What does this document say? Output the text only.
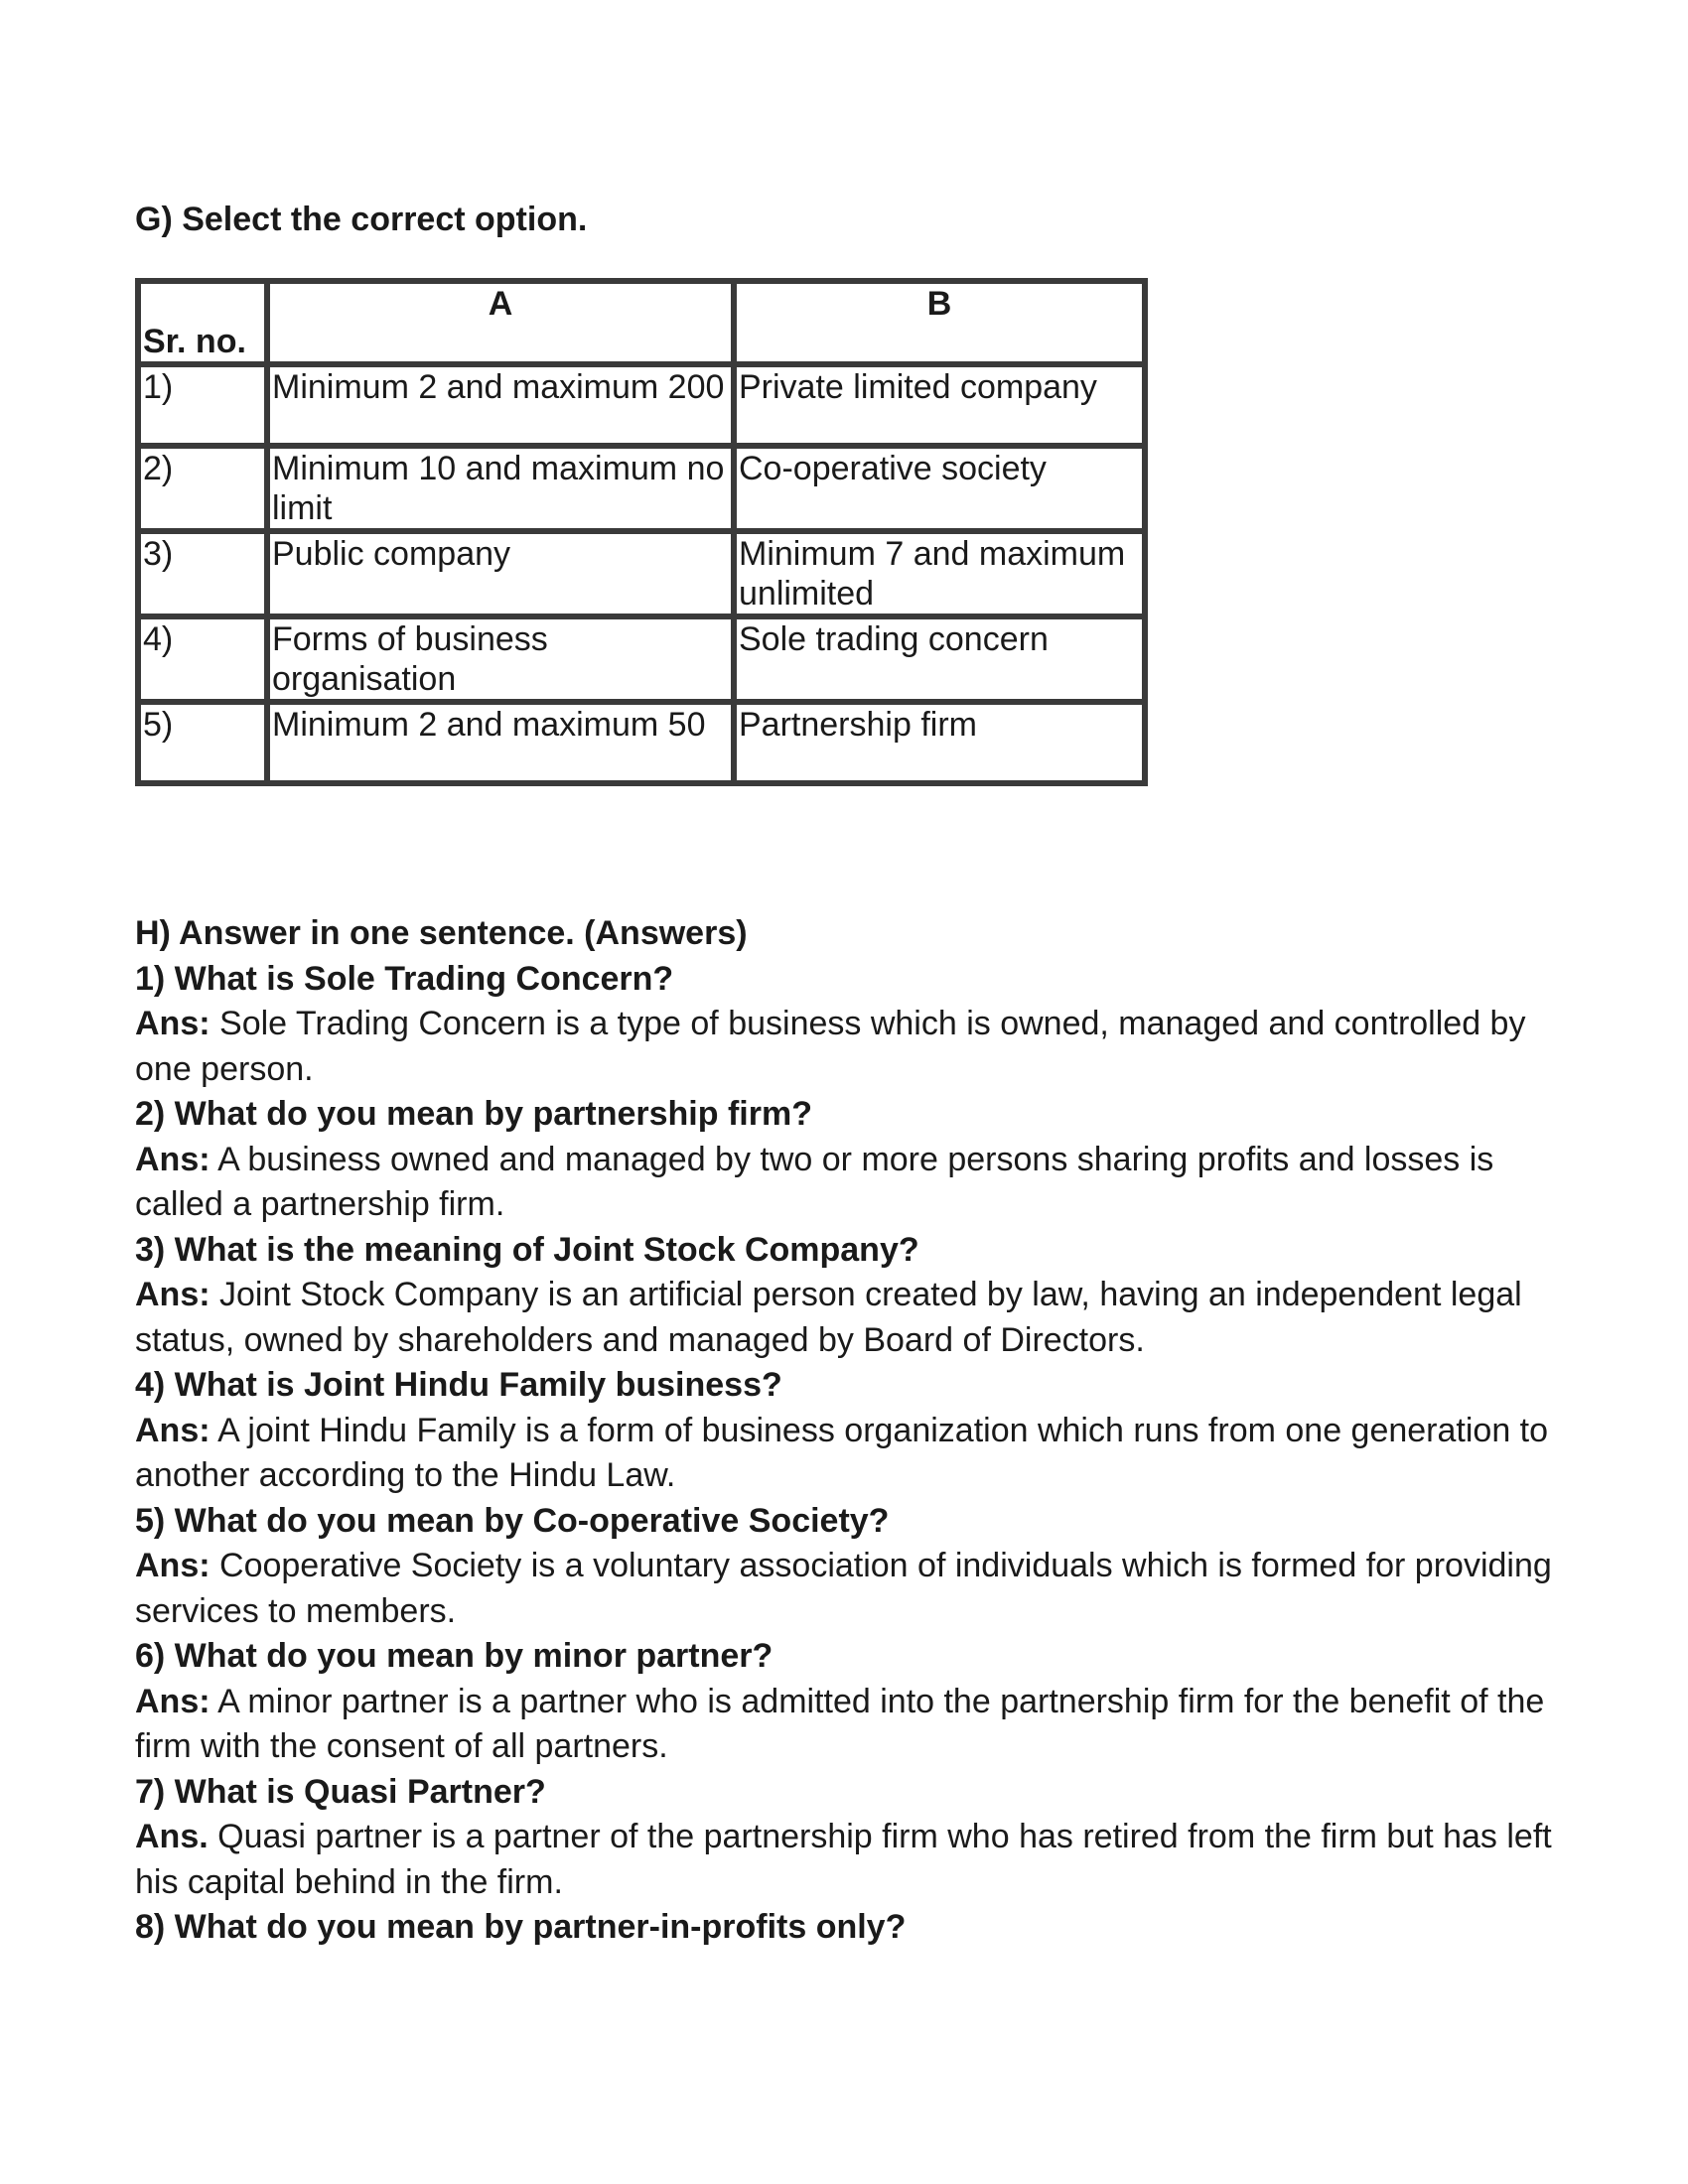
G) Select the correct option.

Sr. no.	A	B
1)	Minimum 2 and maximum 200	Private limited company
2)	Minimum 10 and maximum no limit	Co-operative society
3)	Public company	Minimum 7 and maximum unlimited
4)	Forms of business organisation	Sole trading concern
5)	Minimum 2 and maximum 50	Partnership firm

H) Answer in one sentence. (Answers)

1) What is Sole Trading Concern?

Ans: Sole Trading Concern is a type of business which is owned, managed and controlled by one person.

2) What do you mean by partnership firm?

Ans: A business owned and managed by two or more persons sharing profits and losses is called a partnership firm.

3) What is the meaning of Joint Stock Company?

Ans: Joint Stock Company is an artificial person created by law, having an independent legal status, owned by shareholders and managed by Board of Directors.

4) What is Joint Hindu Family business?

Ans: A joint Hindu Family is a form of business organization which runs from one generation to another according to the Hindu Law.

5) What do you mean by Co-operative Society?

Ans: Cooperative Society is a voluntary association of individuals which is formed for providing services to members.

6) What do you mean by minor partner?

Ans: A minor partner is a partner who is admitted into the partnership firm for the benefit of the firm with the consent of all partners.

7) What is Quasi Partner?

Ans. Quasi partner is a partner of the partnership firm who has retired from the firm but has left his capital behind in the firm.

8) What do you mean by partner-in-profits only?
